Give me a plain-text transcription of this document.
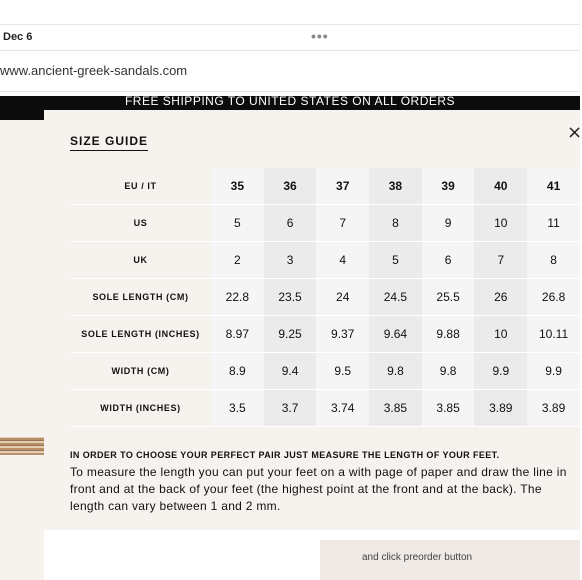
Dec 6	•••
www.ancient-greek-sandals.com
FREE SHIPPING TO UNITED STATES ON ALL ORDERS
and click preorder button
×
SIZE GUIDE
EU / IT	35	36	37	38	39	40	41
US	5	6	7	8	9	10	11
UK	2	3	4	5	6	7	8
SOLE LENGTH (CM)	22.8	23.5	24	24.5	25.5	26	26.8
SOLE LENGTH (INCHES)	8.97	9.25	9.37	9.64	9.88	10	10.11
WIDTH (CM)	8.9	9.4	9.5	9.8	9.8	9.9	9.9
WIDTH (INCHES)	3.5	3.7	3.74	3.85	3.85	3.89	3.89
IN ORDER TO CHOOSE YOUR PERFECT PAIR JUST MEASURE THE LENGTH OF YOUR FEET.
To measure the length you can put your feet on a with page of paper and draw the line in front and at the back of your feet (the highest point at the front and at the back). The length can vary between 1 and 2 mm.
